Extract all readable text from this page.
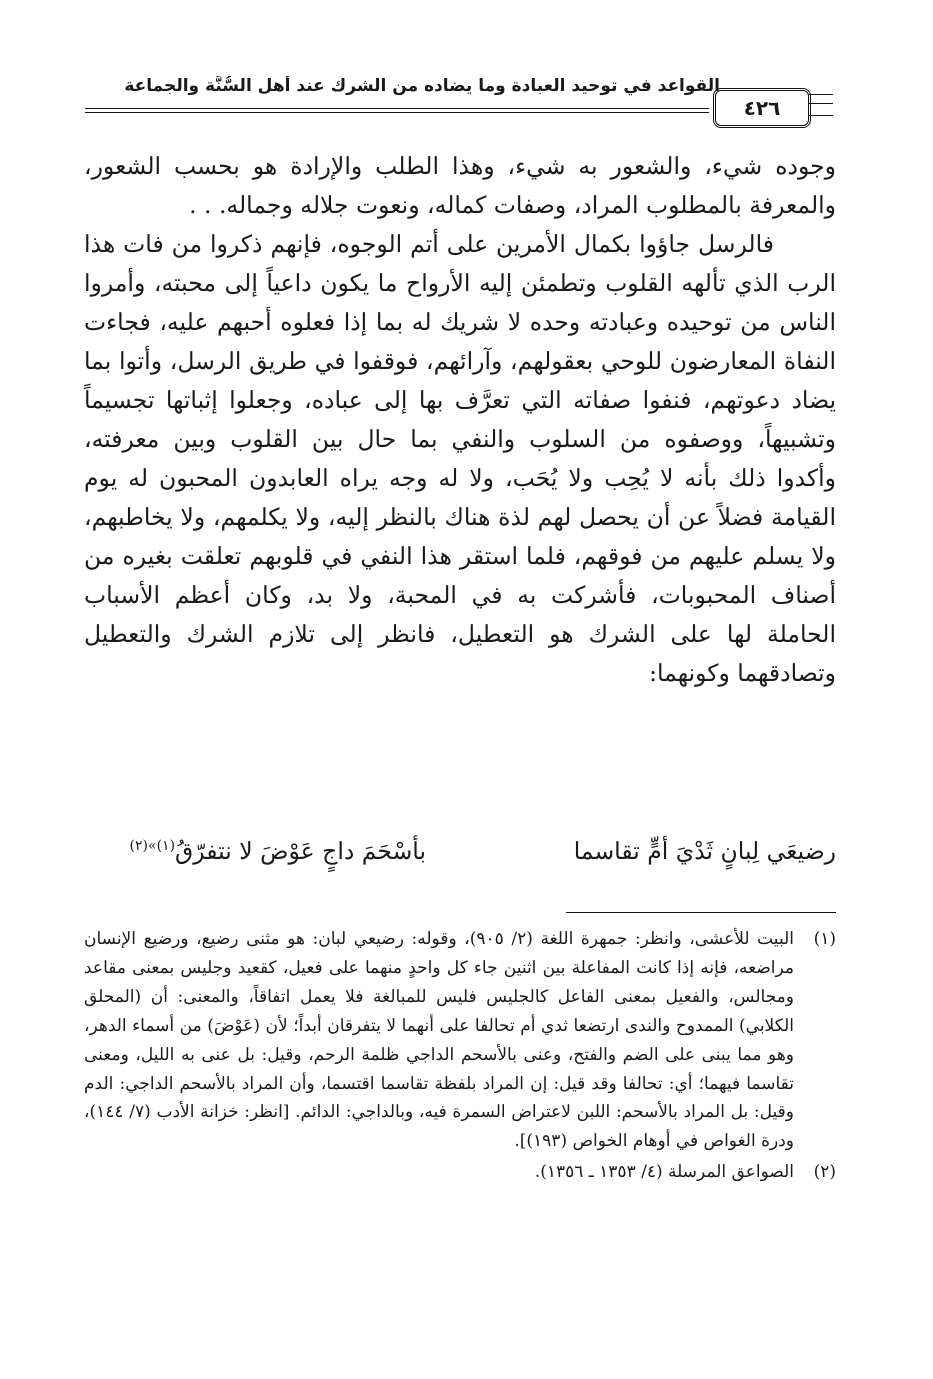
القواعد في توحيد العبادة وما يضاده من الشرك عند أهل السُّنَّة والجماعة
٤٢٦

وجوده شيء، والشعور به شيء، وهذا الطلب والإرادة هو بحسب الشعور، والمعرفة بالمطلوب المراد، وصفات كماله، ونعوت جلاله وجماله. . .

فالرسل جاؤوا بكمال الأمرين على أتم الوجوه، فإنهم ذكروا من فات هذا الرب الذي تألهه القلوب وتطمئن إليه الأرواح ما يكون داعياً إلى محبته، وأمروا الناس من توحيده وعبادته وحده لا شريك له بما إذا فعلوه أحبهم عليه، فجاءت النفاة المعارضون للوحي بعقولهم، وآرائهم، فوقفوا في طريق الرسل، وأتوا بما يضاد دعوتهم، فنفوا صفاته التي تعرَّف بها إلى عباده، وجعلوا إثباتها تجسيماً وتشبيهاً، ووصفوه من السلوب والنفي بما حال بين القلوب وبين معرفته، وأكدوا ذلك بأنه لا يُحِب ولا يُحَب، ولا له وجه يراه العابدون المحبون له يوم القيامة فضلاً عن أن يحصل لهم لذة هناك بالنظر إليه، ولا يكلمهم، ولا يخاطبهم، ولا يسلم عليهم من فوقهم، فلما استقر هذا النفي في قلوبهم تعلقت بغيره من أصناف المحبوبات، فأشركت به في المحبة، ولا بد، وكان أعظم الأسباب الحاملة لها على الشرك هو التعطيل، فانظر إلى تلازم الشرك والتعطيل وتصادقهما وكونهما:

رضيعَي لِبانٍ ثَدْيَ أمٍّ تقاسما
بأسْحَمَ داجٍ عَوْضَ لا نتفرّقُ$^{(١)»(٢)}$
(١)
البيت للأعشى، وانظر: جمهرة اللغة (٢/ ٩٠٥)، وقوله: رضيعي لبان: هو مثنى رضيع، ورضيع الإنسان مراضعه، فإنه إذا كانت المفاعلة بين اثنين جاء كل واحدٍ منهما على فعيل، كقعيد وجليس بمعنى مقاعد ومجالس، والفعيل بمعنى الفاعل كالجليس فليس للمبالغة فلا يعمل اتفاقاً، والمعنى: أن (المحلق الكلابي) الممدوح والندى ارتضعا ثدي أم تحالفا على أنهما لا يتفرقان أبداً؛ لأن (عَوْضَ) من أسماء الدهر، وهو مما يبنى على الضم والفتح، وعنى بالأسحم الداجي ظلمة الرحم، وقيل: بل عنى به الليل، ومعنى تقاسما فيهما؛ أي: تحالفا وقد قيل: إن المراد بلفظة تقاسما اقتسما، وأن المراد بالأسحم الداجي: الدم وقيل: بل المراد بالأسحم: اللبن لاعتراض السمرة فيه، وبالداجي: الدائم. [انظر: خزانة الأدب (٧/ ١٤٤)، ودرة الغواص في أوهام الخواص (١٩٣)].
(٢)
الصواعق المرسلة (٤/ ١٣٥٣ ـ ١٣٥٦).
